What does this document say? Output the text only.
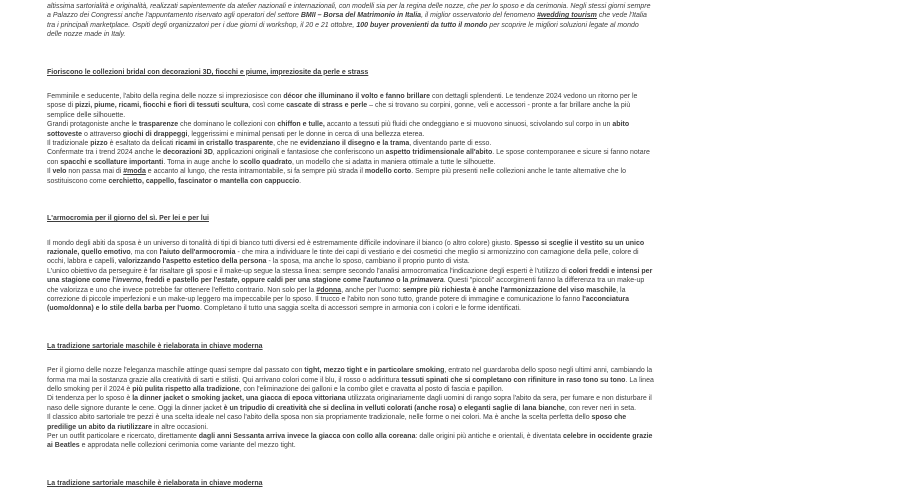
altissima sartorialità e originalità, realizzati sapientemente da atelier nazionali e internazionali, con modelli sia per la regina delle nozze, che per lo sposo e da cerimonia. Negli stessi giorni sempre a Palazzo dei Congressi anche l'appuntamento riservato agli operatori del settore BMII – Borsa del Matrimonio in Italia, il miglior osservatorio del fenomeno #wedding tourism che vede l'Italia tra i principali marketplace. Ospiti degli organizzatori per i due giorni di workshop, il 20 e 21 ottobre, 100 buyer provenienti da tutto il mondo per scoprire le migliori soluzioni legate al mondo delle nozze made in Italy.

Fioriscono le collezioni bridal con decorazioni 3D, fiocchi e piume, impreziosite da perle e strass

Femminile e seducente, l'abito della regina delle nozze si impreziosisce con décor che illuminano il volto e fanno brillare con dettagli splendenti. Le tendenze 2024 vedono un ritorno per le spose di pizzi, piume, ricami, fiocchi e fiori di tessuti scultura, così come cascate di strass e perle – che si trovano su corpini, gonne, veli e accessori - pronte a far brillare anche la più semplice delle silhouette.
Grandi protagoniste anche le trasparenze che dominano le collezioni con chiffon e tulle, accanto a tessuti più fluidi che ondeggiano e si muovono sinuosi, scivolando sul corpo in un abito sottoveste o attraverso giochi di drappeggi, leggerissimi e minimal pensati per le donne in cerca di una bellezza eterea.
Il tradizionale pizzo è esaltato da delicati ricami in cristallo trasparente, che ne evidenziano il disegno e la trama, diventando parte di esso.
Confermate tra i trend 2024 anche le decorazioni 3D, applicazioni originali e fantasiose che conferiscono un aspetto tridimensionale all'abito. Le spose contemporanee e sicure si fanno notare con spacchi e scollature importanti. Torna in auge anche lo scollo quadrato, un modello che si adatta in maniera ottimale a tutte le silhouette.
Il velo non passa mai di #moda e accanto al lungo, che resta intramontabile, si fa sempre più strada il modello corto. Sempre più presenti nelle collezioni anche le tante alternative che lo sostituiscono come cerchietto, cappello, fascinator o mantella con cappuccio.

L'armocromia per il giorno del sì. Per lei e per lui

Il mondo degli abiti da sposa è un universo di tonalità di tipi di bianco tutti diversi ed è estremamente difficile indovinare il bianco (o altro colore) giusto. Spesso si sceglie il vestito su un unico razionale, quello emotivo, ma con l'aiuto dell'armocromia - che mira a individuare le tinte dei capi di vestiario e dei cosmetici che meglio si armonizzino con carnagione della pelle, colore di occhi, labbra e capelli, valorizzando l'aspetto estetico della persona - la sposa, ma anche lo sposo, cambiano il proprio punto di vista.
L'unico obiettivo da perseguire è far risaltare gli sposi e il make-up segue la stessa linea: sempre secondo l'analisi armocromatica l'indicazione degli esperti è l'utilizzo di colori freddi e intensi per una stagione come l'inverno, freddi e pastello per l'estate, oppure caldi per una stagione come l'autunno o la primavera. Questi "piccoli" accorgimenti fanno la differenza tra un make-up che valorizza e uno che invece potrebbe far ottenere l'effetto contrario. Non solo per la #donna, anche per l'uomo: sempre più richiesta è anche l'armonizzazione del viso maschile, la correzione di piccole imperfezioni e un make-up leggero ma impeccabile per lo sposo. Il trucco e l'abito non sono tutto, grande potere di immagine e comunicazione lo fanno l'acconciatura (uomo/donna) e lo stile della barba per l'uomo. Completano il tutto una saggia scelta di accessori sempre in armonia con i colori e le forme identificati.

La tradizione sartoriale maschile è rielaborata in chiave moderna

Per il giorno delle nozze l'eleganza maschile attinge quasi sempre dal passato con tight, mezzo tight e in particolare smoking, entrato nel guardaroba dello sposo negli ultimi anni, cambiando la forma ma mai la sostanza grazie alla creatività di sarti e stilisti. Qui arrivano colori come il blu, il rosso o addirittura tessuti spinati che si completano con rifiniture in raso tono su tono. La linea dello smoking per il 2024 è più pulita rispetto alla tradizione, con l'eliminazione dei galloni e la combo gilet e cravatta al posto di fascia e papillon.
Di tendenza per lo sposo è la dinner jacket o smoking jacket, una giacca di epoca vittoriana utilizzata originariamente dagli uomini di rango sopra l'abito da sera, per fumare e non disturbare il naso delle signore durante le cene. Oggi la dinner jacket è un tripudio di creatività che si declina in velluti colorati (anche rosa) o eleganti saglie di lana bianche, con rever neri in seta.
Il classico abito sartoriale tre pezzi è una scelta ideale nel caso l'abito della sposa non sia propriamente tradizionale, nelle forme o nei colori. Ma è anche la scelta perfetta dello sposo che predilige un abito da riutilizzare in altre occasioni.
Per un outfit particolare e ricercato, direttamente dagli anni Sessanta arriva invece la giacca con collo alla coreana: dalle origini più antiche e orientali, è diventata celebre in occidente grazie ai Beatles e approdata nelle collezioni cerimonia come variante del mezzo tight.

La tradizione sartoriale maschile è rielaborata in chiave moderna
